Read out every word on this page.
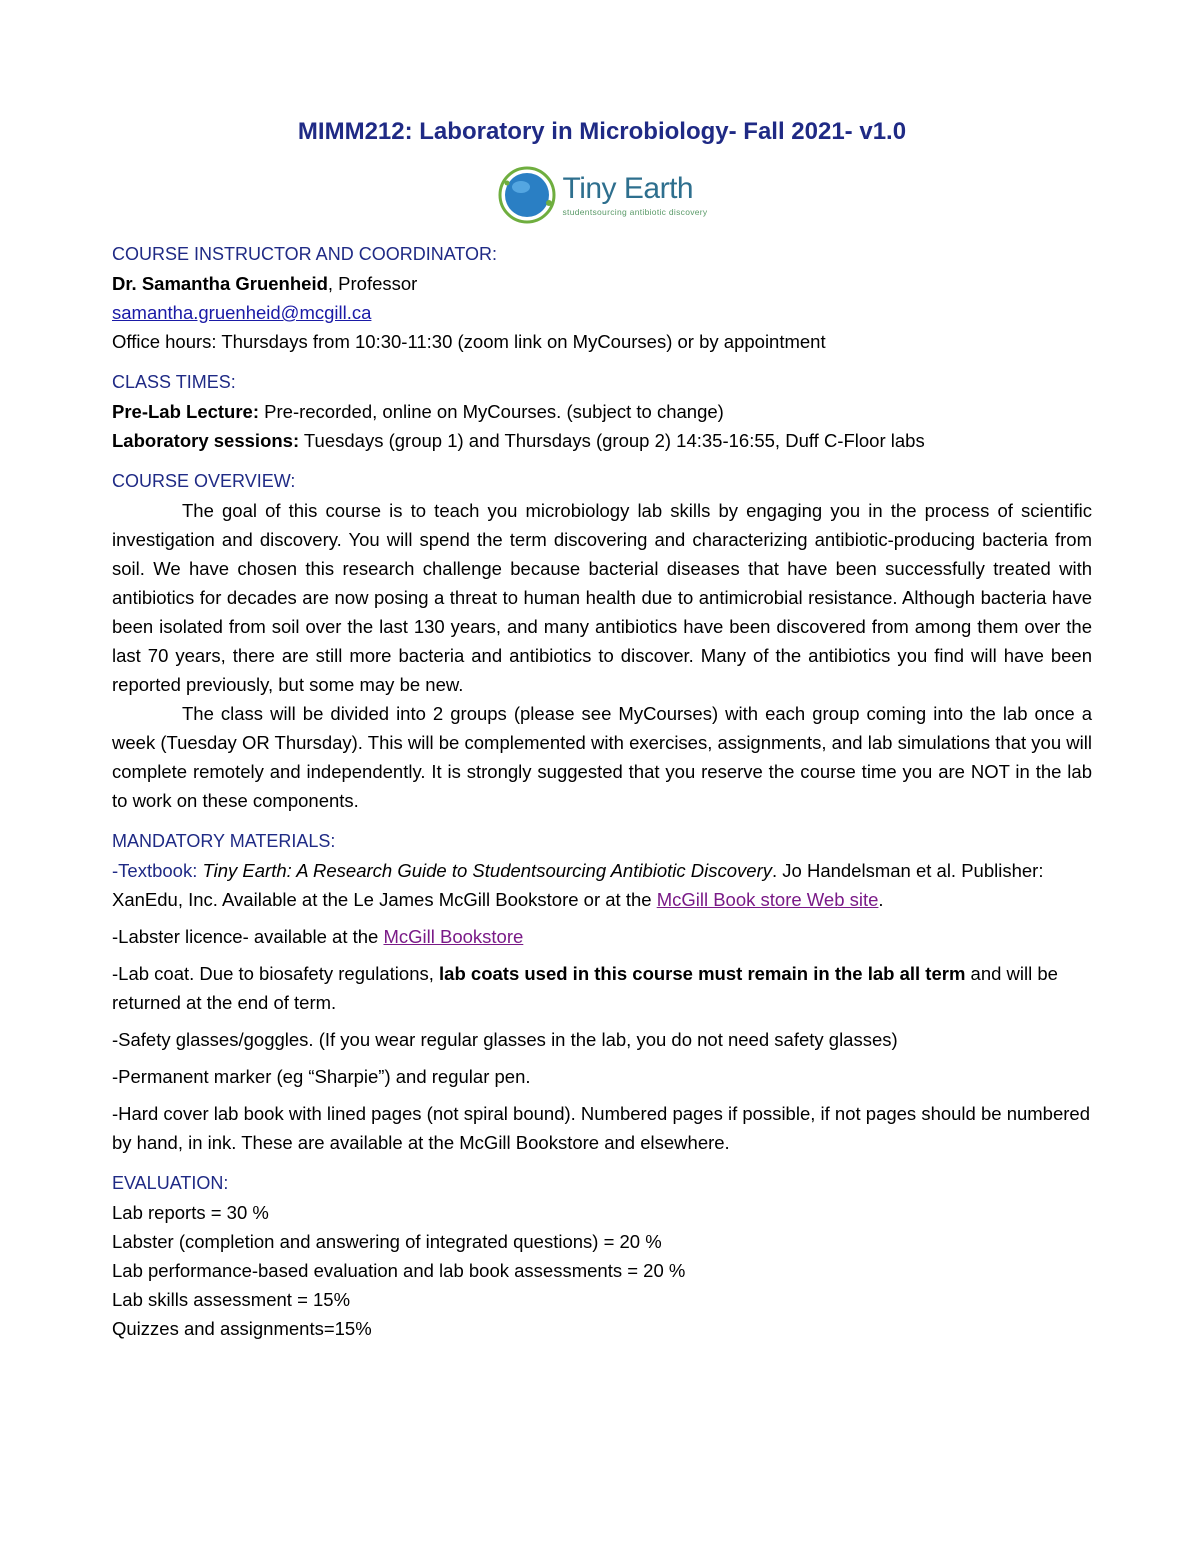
MIMM212: Laboratory in Microbiology- Fall 2021- v1.0
Tiny Earth
studentsourcing antibiotic discovery

COURSE INSTRUCTOR AND COORDINATOR:

Dr. Samantha Gruenheid, Professor

samantha.gruenheid@mcgill.ca

Office hours: Thursdays from 10:30-11:30 (zoom link on MyCourses) or by appointment

CLASS TIMES:

Pre-Lab Lecture: Pre-recorded, online on MyCourses. (subject to change)

Laboratory sessions: Tuesdays (group 1) and Thursdays (group 2) 14:35-16:55, Duff C-Floor labs

COURSE OVERVIEW:

The goal of this course is to teach you microbiology lab skills by engaging you in the process of scientific investigation and discovery. You will spend the term discovering and characterizing antibiotic-producing bacteria from soil. We have chosen this research challenge because bacterial diseases that have been successfully treated with antibiotics for decades are now posing a threat to human health due to antimicrobial resistance. Although bacteria have been isolated from soil over the last 130 years, and many antibiotics have been discovered from among them over the last 70 years, there are still more bacteria and antibiotics to discover. Many of the antibiotics you find will have been reported previously, but some may be new.

The class will be divided into 2 groups (please see MyCourses) with each group coming into the lab once a week (Tuesday OR Thursday). This will be complemented with exercises, assignments, and lab simulations that you will complete remotely and independently. It is strongly suggested that you reserve the course time you are NOT in the lab to work on these components.

MANDATORY MATERIALS:

-Textbook: Tiny Earth: A Research Guide to Studentsourcing Antibiotic Discovery. Jo Handelsman et al. Publisher: XanEdu, Inc. Available at the Le James McGill Bookstore or at the McGill Book store Web site.

-Labster licence- available at the McGill Bookstore

-Lab coat. Due to biosafety regulations, lab coats used in this course must remain in the lab all term and will be returned at the end of term.

-Safety glasses/goggles. (If you wear regular glasses in the lab, you do not need safety glasses)

-Permanent marker (eg “Sharpie”) and regular pen.

-Hard cover lab book with lined pages (not spiral bound). Numbered pages if possible, if not pages should be numbered by hand, in ink. These are available at the McGill Bookstore and elsewhere.

EVALUATION:

Lab reports = 30 %

Labster (completion and answering of integrated questions) = 20 %

Lab performance-based evaluation and lab book assessments = 20 %

Lab skills assessment = 15%

Quizzes and assignments=15%
